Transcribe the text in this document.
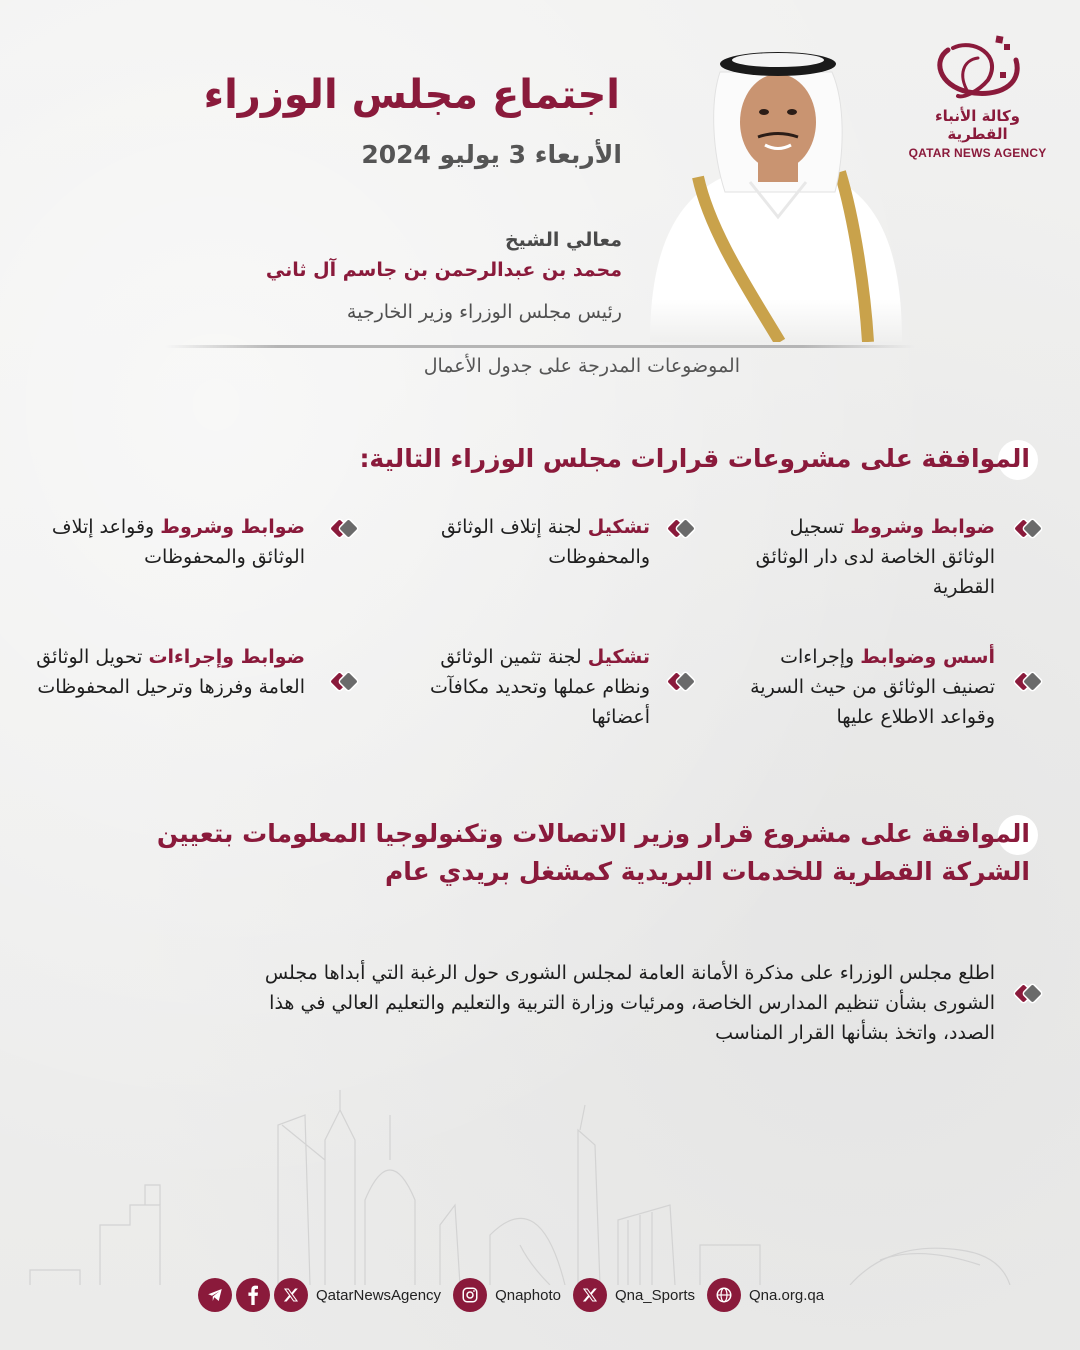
وكالة الأنباء القطرية
QATAR NEWS AGENCY
اجتماع مجلس الوزراء
الأربعاء 3 يوليو 2024
معالي الشيخ
محمد بن عبدالرحمن بن جاسم آل ثاني
رئيس مجلس الوزراء وزير الخارجية
الموضوعات المدرجة على جدول الأعمال
الموافقة على مشروعات قرارات مجلس الوزراء التالية:
ضوابط وشروط تسجيل الوثائق الخاصة لدى دار الوثائق القطرية
تشكيل لجنة إتلاف الوثائق والمحفوظات
ضوابط وشروط وقواعد إتلاف الوثائق والمحفوظات
أسس وضوابط وإجراءات تصنيف الوثائق من حيث السرية وقواعد الاطلاع عليها
تشكيل لجنة تثمين الوثائق ونظام عملها وتحديد مكافآت أعضائها
ضوابط وإجراءات تحويل الوثائق العامة وفرزها وترحيل المحفوظات
الموافقة على مشروع قرار وزير الاتصالات وتكنولوجيا المعلومات بتعيين الشركة القطرية للخدمات البريدية كمشغل بريدي عام
اطلع مجلس الوزراء على مذكرة الأمانة العامة لمجلس الشورى حول الرغبة التي أبداها مجلس الشورى بشأن تنظيم المدارس الخاصة، ومرئيات وزارة التربية والتعليم والتعليم العالي في هذا الصدد، واتخذ بشأنها القرار المناسب
QatarNewsAgency	Qnaphoto	Qna_Sports	Qna.org.qa
